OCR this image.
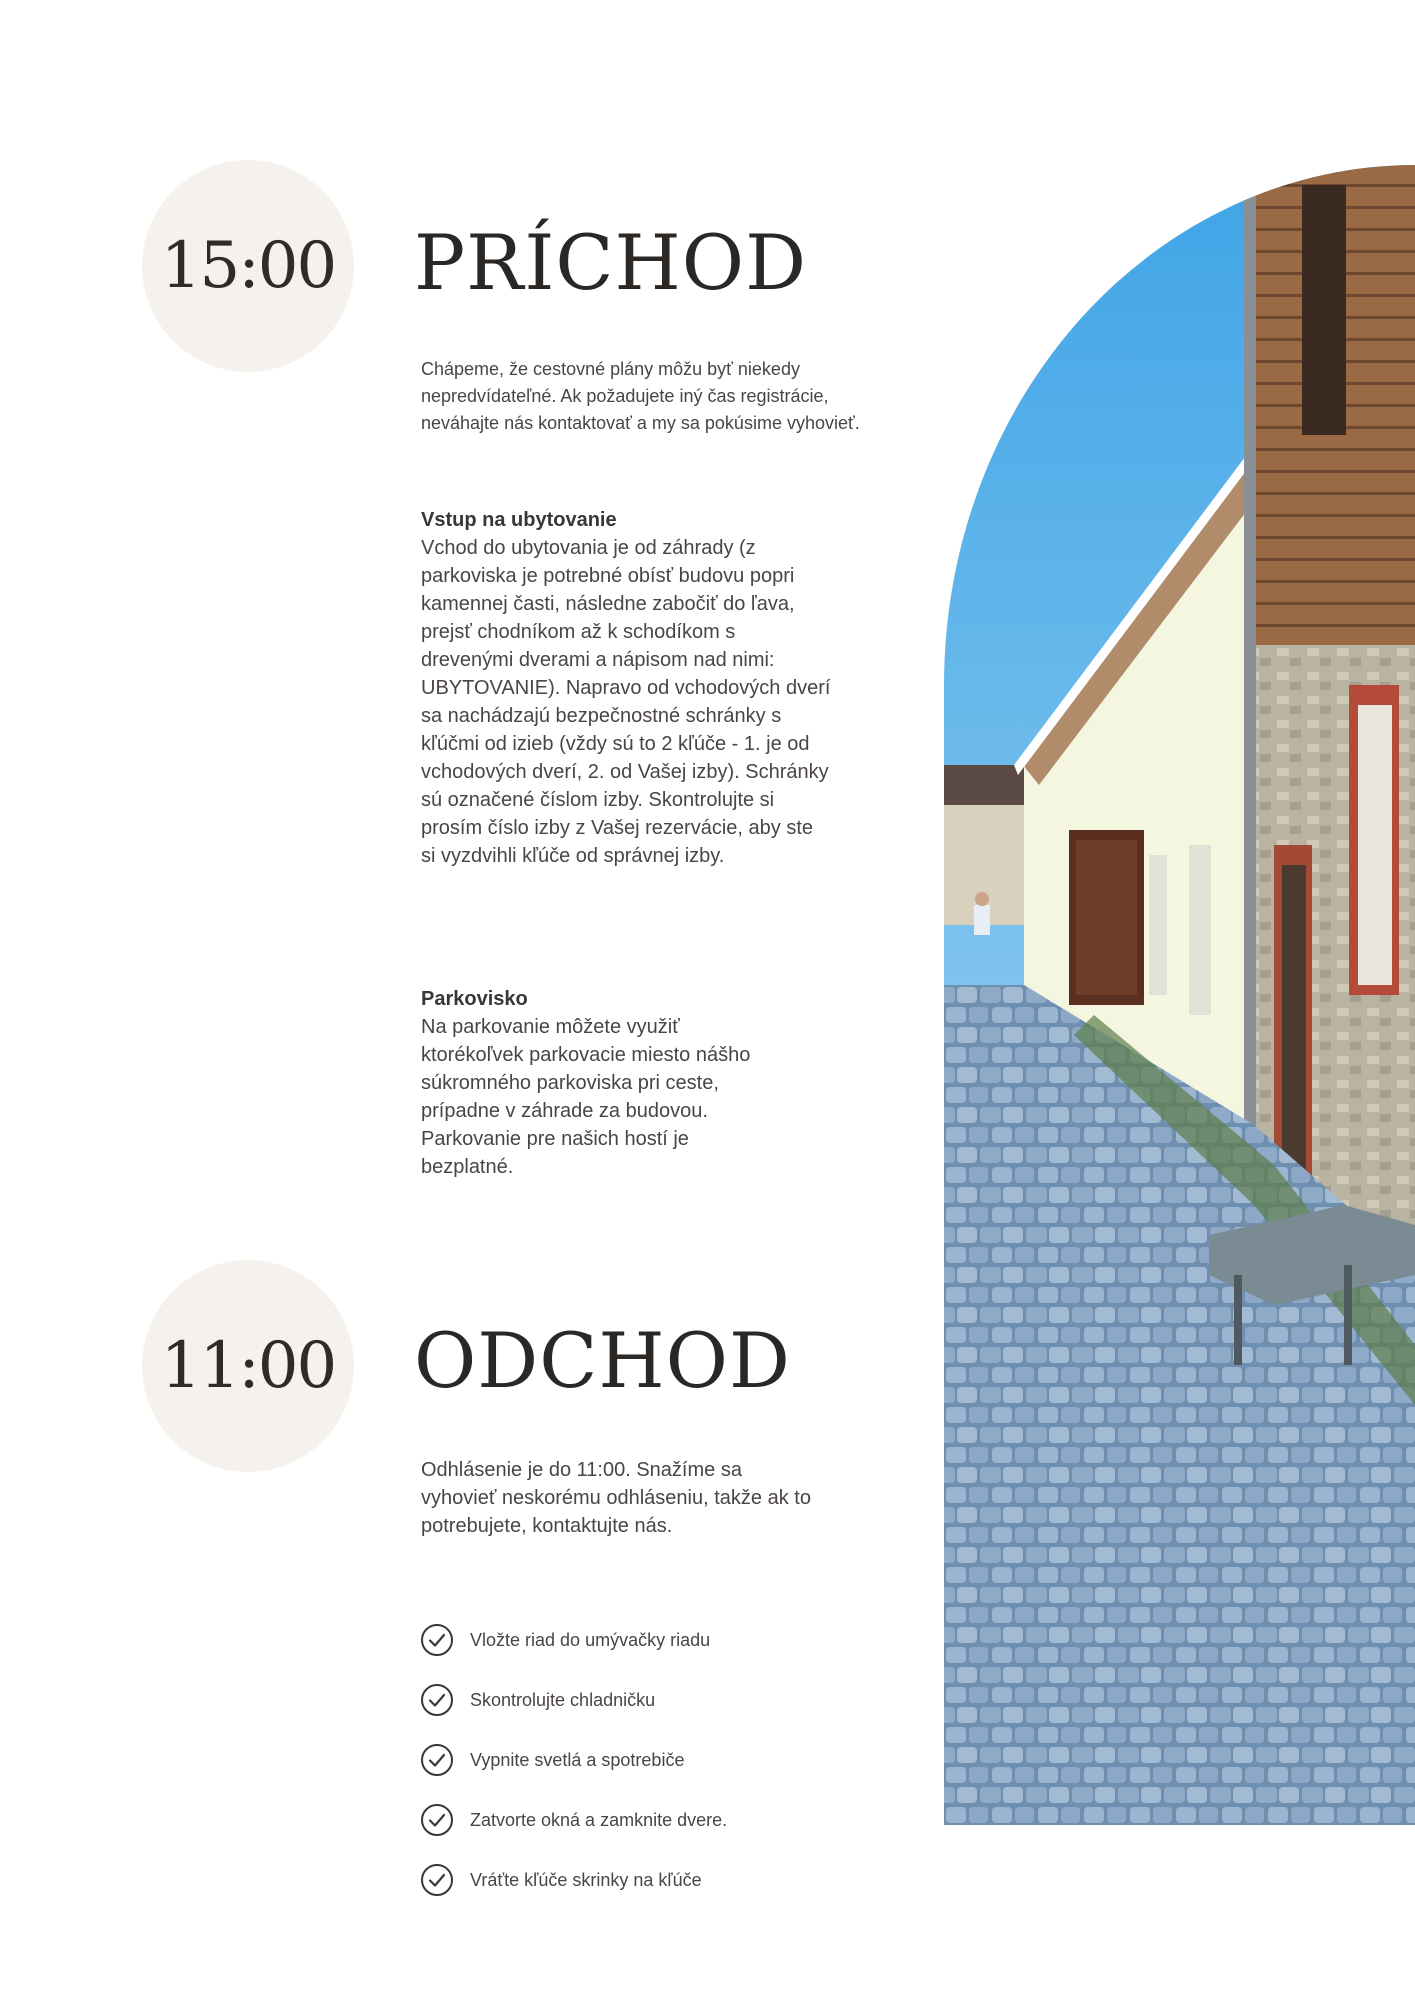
15:00 PRÍCHOD

Chápeme, že cestovné plány môžu byť niekedy nepredvídateľné. Ak požadujete iný čas registrácie, neváhajte nás kontaktovať a my sa pokúsime vyhovieť.

Vstup na ubytovanie
Vchod do ubytovania je od záhrady (z parkoviska je potrebné obísť budovu popri kamennej časti, následne zabočiť do ľava, prejsť chodníkom až k schodíkom s drevenými dverami a nápisom nad nimi: UBYTOVANIE). Napravo od vchodových dverí sa nachádzajú bezpečnostné schránky s kľúčmi od izieb (vždy sú to 2 kľúče - 1. je od vchodových dverí, 2. od Vašej izby). Schránky sú označené číslom izby. Skontrolujte si prosím číslo izby z Vašej rezervácie, aby ste si vyzdvihli kľúče od správnej izby.
Parkovisko
Na parkovanie môžete využiť ktorékoľvek parkovacie miesto nášho súkromného parkoviska pri ceste, prípadne v záhrade za budovou.
Parkovanie pre našich hostí je bezplatné.
11:00 ODCHOD

Odhlásenie je do 11:00. Snažíme sa vyhovieť neskorému odhláseniu, takže ak to potrebujete, kontaktujte nás.

Vložte riad do umývačky riadu
Skontrolujte chladničku
Vypnite svetlá a spotrebiče
Zatvorte okná a zamknite dvere.
Vráťte kľúče skrinky na kľúče
